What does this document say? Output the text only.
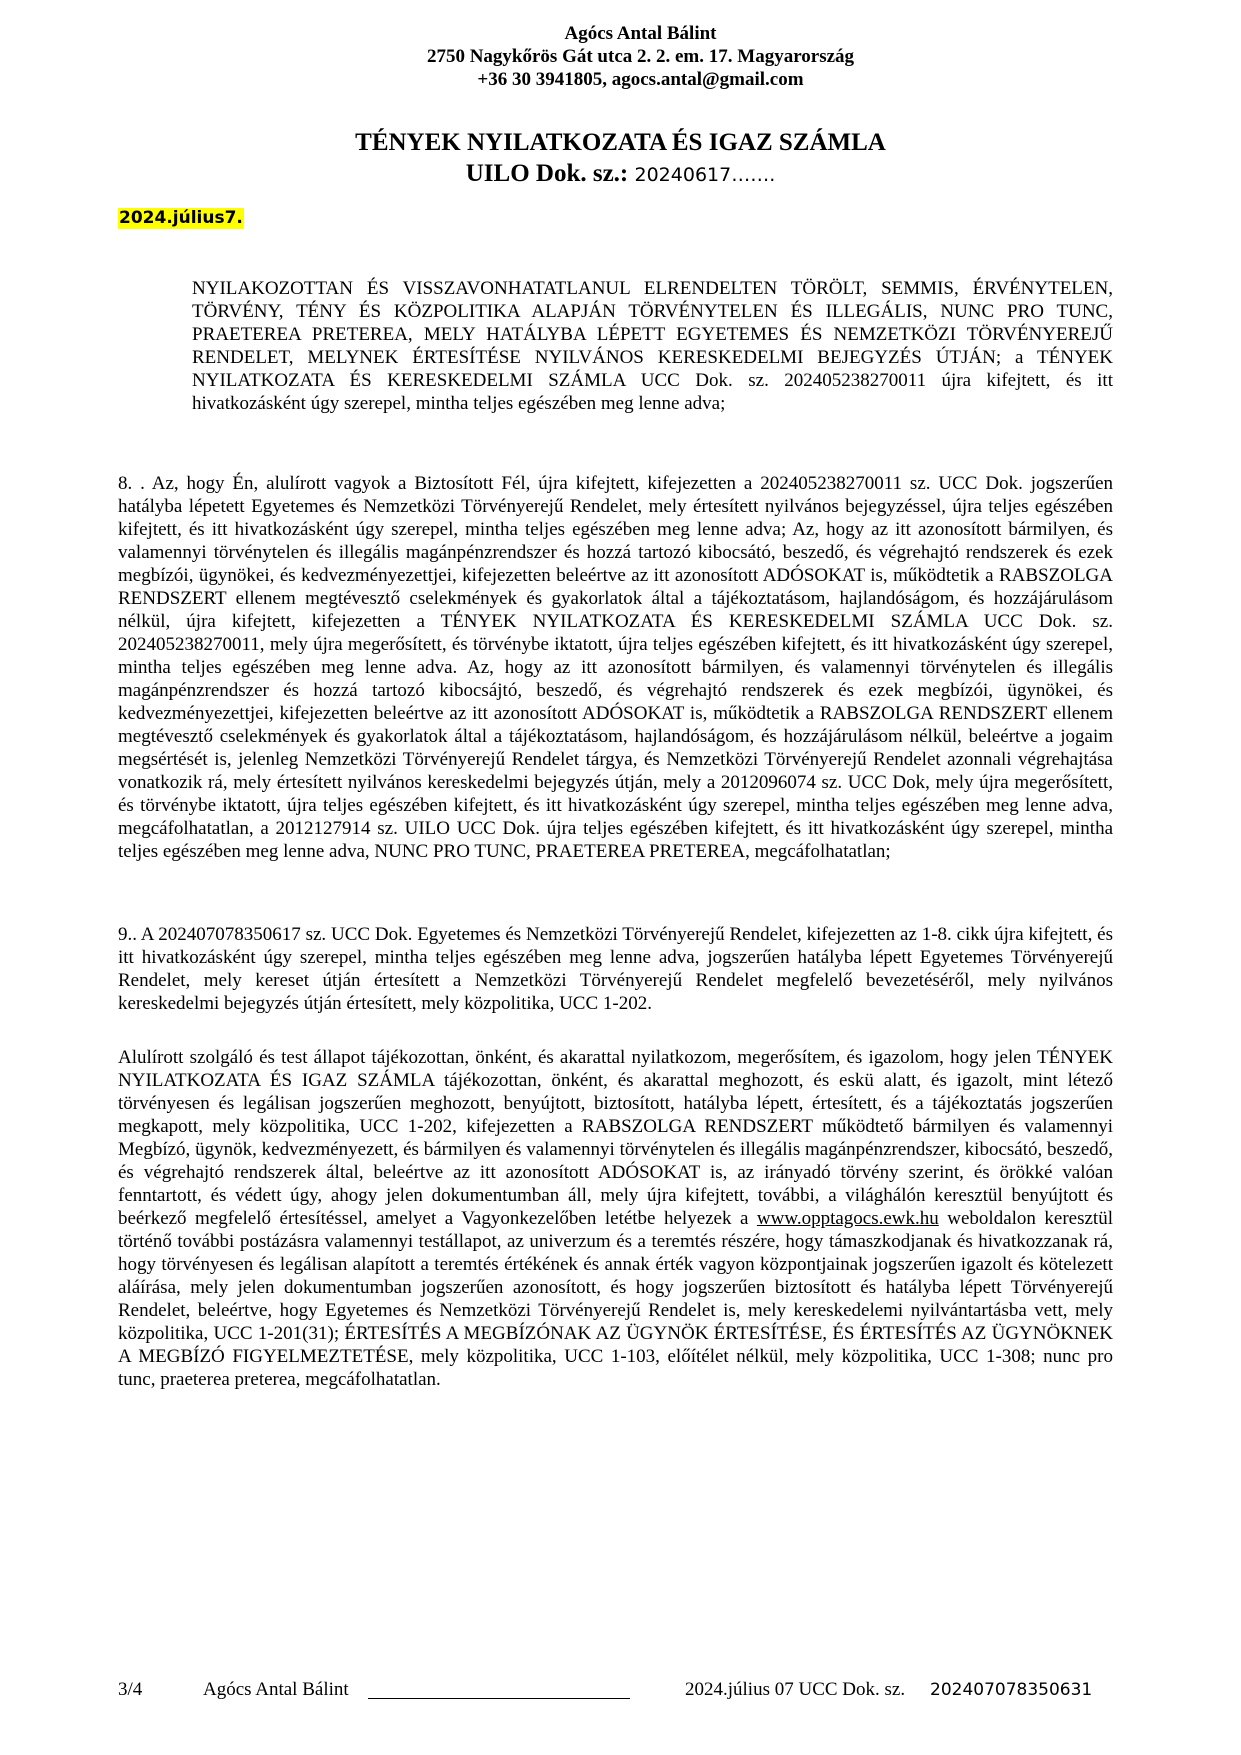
Agócs Antal Bálint
2750 Nagykőrös Gát utca 2. 2. em. 17. Magyarország
+36 30 3941805, agocs.antal@gmail.com
TÉNYEK NYILATKOZATA ÉS IGAZ SZÁMLA
UILO Dok. sz.: 20240617…….
2024.július7.
NYILAKOZOTTAN ÉS VISSZAVONHATATLANUL ELRENDELTEN TÖRÖLT, SEMMIS, ÉRVÉNYTELEN, TÖRVÉNY, TÉNY ÉS KÖZPOLITIKA ALAPJÁN TÖRVÉNYTELEN ÉS ILLEGÁLIS, NUNC PRO TUNC, PRAETEREA PRETEREA, MELY HATÁLYBA LÉPETT EGYETEMES ÉS NEMZETKÖZI TÖRVÉNYEREJŰ RENDELET, MELYNEK ÉRTESÍTÉSE NYILVÁNOS KERESKEDELMI BEJEGYZÉS ÚTJÁN; a TÉNYEK NYILATKOZATA ÉS KERESKEDELMI SZÁMLA UCC Dok. sz. 202405238270011 újra kifejtett, és itt hivatkozásként úgy szerepel, mintha teljes egészében meg lenne adva;
8. . Az, hogy Én, alulírott vagyok a Biztosított Fél, újra kifejtett, kifejezetten a 202405238270011 sz. UCC Dok. jogszerűen hatályba lépetett Egyetemes és Nemzetközi Törvényerejű Rendelet, mely értesített nyilvános bejegyzéssel, újra teljes egészében kifejtett, és itt hivatkozásként úgy szerepel, mintha teljes egészében meg lenne adva; Az, hogy az itt azonosított bármilyen, és valamennyi törvénytelen és illegális magánpénzrendszer és hozzá tartozó kibocsátó, beszedő, és végrehajtó rendszerek és ezek megbízói, ügynökei, és kedvezményezettjei, kifejezetten beleértve az itt azonosított ADÓSOKAT is, működtetik a RABSZOLGA RENDSZERT ellenem megtévesztő cselekmények és gyakorlatok által a tájékoztatásom, hajlandóságom, és hozzájárulásom nélkül, újra kifejtett, kifejezetten a TÉNYEK NYILATKOZATA ÉS KERESKEDELMI SZÁMLA UCC Dok. sz. 202405238270011, mely újra megerősített, és törvénybe iktatott, újra teljes egészében kifejtett, és itt hivatkozásként úgy szerepel, mintha teljes egészében meg lenne adva. Az, hogy az itt azonosított bármilyen, és valamennyi törvénytelen és illegális magánpénzrendszer és hozzá tartozó kibocsájtó, beszedő, és végrehajtó rendszerek és ezek megbízói, ügynökei, és kedvezményezettjei, kifejezetten beleértve az itt azonosított ADÓSOKAT is, működtetik a RABSZOLGA RENDSZERT ellenem megtévesztő cselekmények és gyakorlatok által a tájékoztatásom, hajlandóságom, és hozzájárulásom nélkül, beleértve a jogaim megsértését is, jelenleg Nemzetközi Törvényerejű Rendelet tárgya, és Nemzetközi Törvényerejű Rendelet azonnali végrehajtása vonatkozik rá, mely értesített nyilvános kereskedelmi bejegyzés útján, mely a 2012096074 sz. UCC Dok, mely újra megerősített, és törvénybe iktatott, újra teljes egészében kifejtett, és itt hivatkozásként úgy szerepel, mintha teljes egészében meg lenne adva, megcáfolhatatlan, a 2012127914 sz. UILO UCC Dok. újra teljes egészében kifejtett, és itt hivatkozásként úgy szerepel, mintha teljes egészében meg lenne adva, NUNC PRO TUNC, PRAETEREA PRETEREA, megcáfolhatatlan;
9.. A 202407078350617 sz. UCC Dok. Egyetemes és Nemzetközi Törvényerejű Rendelet, kifejezetten az 1-8. cikk újra kifejtett, és itt hivatkozásként úgy szerepel, mintha teljes egészében meg lenne adva, jogszerűen hatályba lépett Egyetemes Törvényerejű Rendelet, mely kereset útján értesített a Nemzetközi Törvényerejű Rendelet megfelelő bevezetéséről, mely nyilvános kereskedelmi bejegyzés útján értesített, mely közpolitika, UCC 1-202.
Alulírott szolgáló és test állapot tájékozottan, önként, és akarattal nyilatkozom, megerősítem, és igazolom, hogy jelen TÉNYEK NYILATKOZATA ÉS IGAZ SZÁMLA tájékozottan, önként, és akarattal meghozott, és eskü alatt, és igazolt, mint létező törvényesen és legálisan jogszerűen meghozott, benyújtott, biztosított, hatályba lépett, értesített, és a tájékoztatás jogszerűen megkapott, mely közpolitika, UCC 1-202, kifejezetten a RABSZOLGA RENDSZERT működtető bármilyen és valamennyi Megbízó, ügynök, kedvezményezett, és bármilyen és valamennyi törvénytelen és illegális magánpénzrendszer, kibocsátó, beszedő, és végrehajtó rendszerek által, beleértve az itt azonosított ADÓSOKAT is, az irányadó törvény szerint, és örökké valóan fenntartott, és védett úgy, ahogy jelen dokumentumban áll, mely újra kifejtett, további, a világhálón keresztül benyújtott és beérkező megfelelő értesítéssel, amelyet a Vagyonkezelőben letétbe helyezek a www.opptagocs.ewk.hu weboldalon keresztül történő további postázásra valamennyi testállapot, az univerzum és a teremtés részére, hogy támaszkodjanak és hivatkozzanak rá, hogy törvényesen és legálisan alapított a teremtés értékének és annak érték vagyon központjainak jogszerűen igazolt és kötelezett aláírása, mely jelen dokumentumban jogszerűen azonosított, és hogy jogszerűen biztosított és hatályba lépett Törvényerejű Rendelet, beleértve, hogy Egyetemes és Nemzetközi Törvényerejű Rendelet is, mely kereskedelemi nyilvántartásba vett, mely közpolitika, UCC 1-201(31); ÉRTESÍTÉS A MEGBÍZÓNAK AZ ÜGYNÖK ÉRTESÍTÉSE, ÉS ÉRTESÍTÉS AZ ÜGYNÖKNEK A MEGBÍZÓ FIGYELMEZTETÉSE, mely közpolitika, UCC 1-103, előítélet nélkül, mely közpolitika, UCC 1-308; nunc pro tunc, praeterea preterea, megcáfolhatatlan.
3/4	Agócs Antal Bálint	2024.július 07 UCC Dok. sz. 202407078350631
